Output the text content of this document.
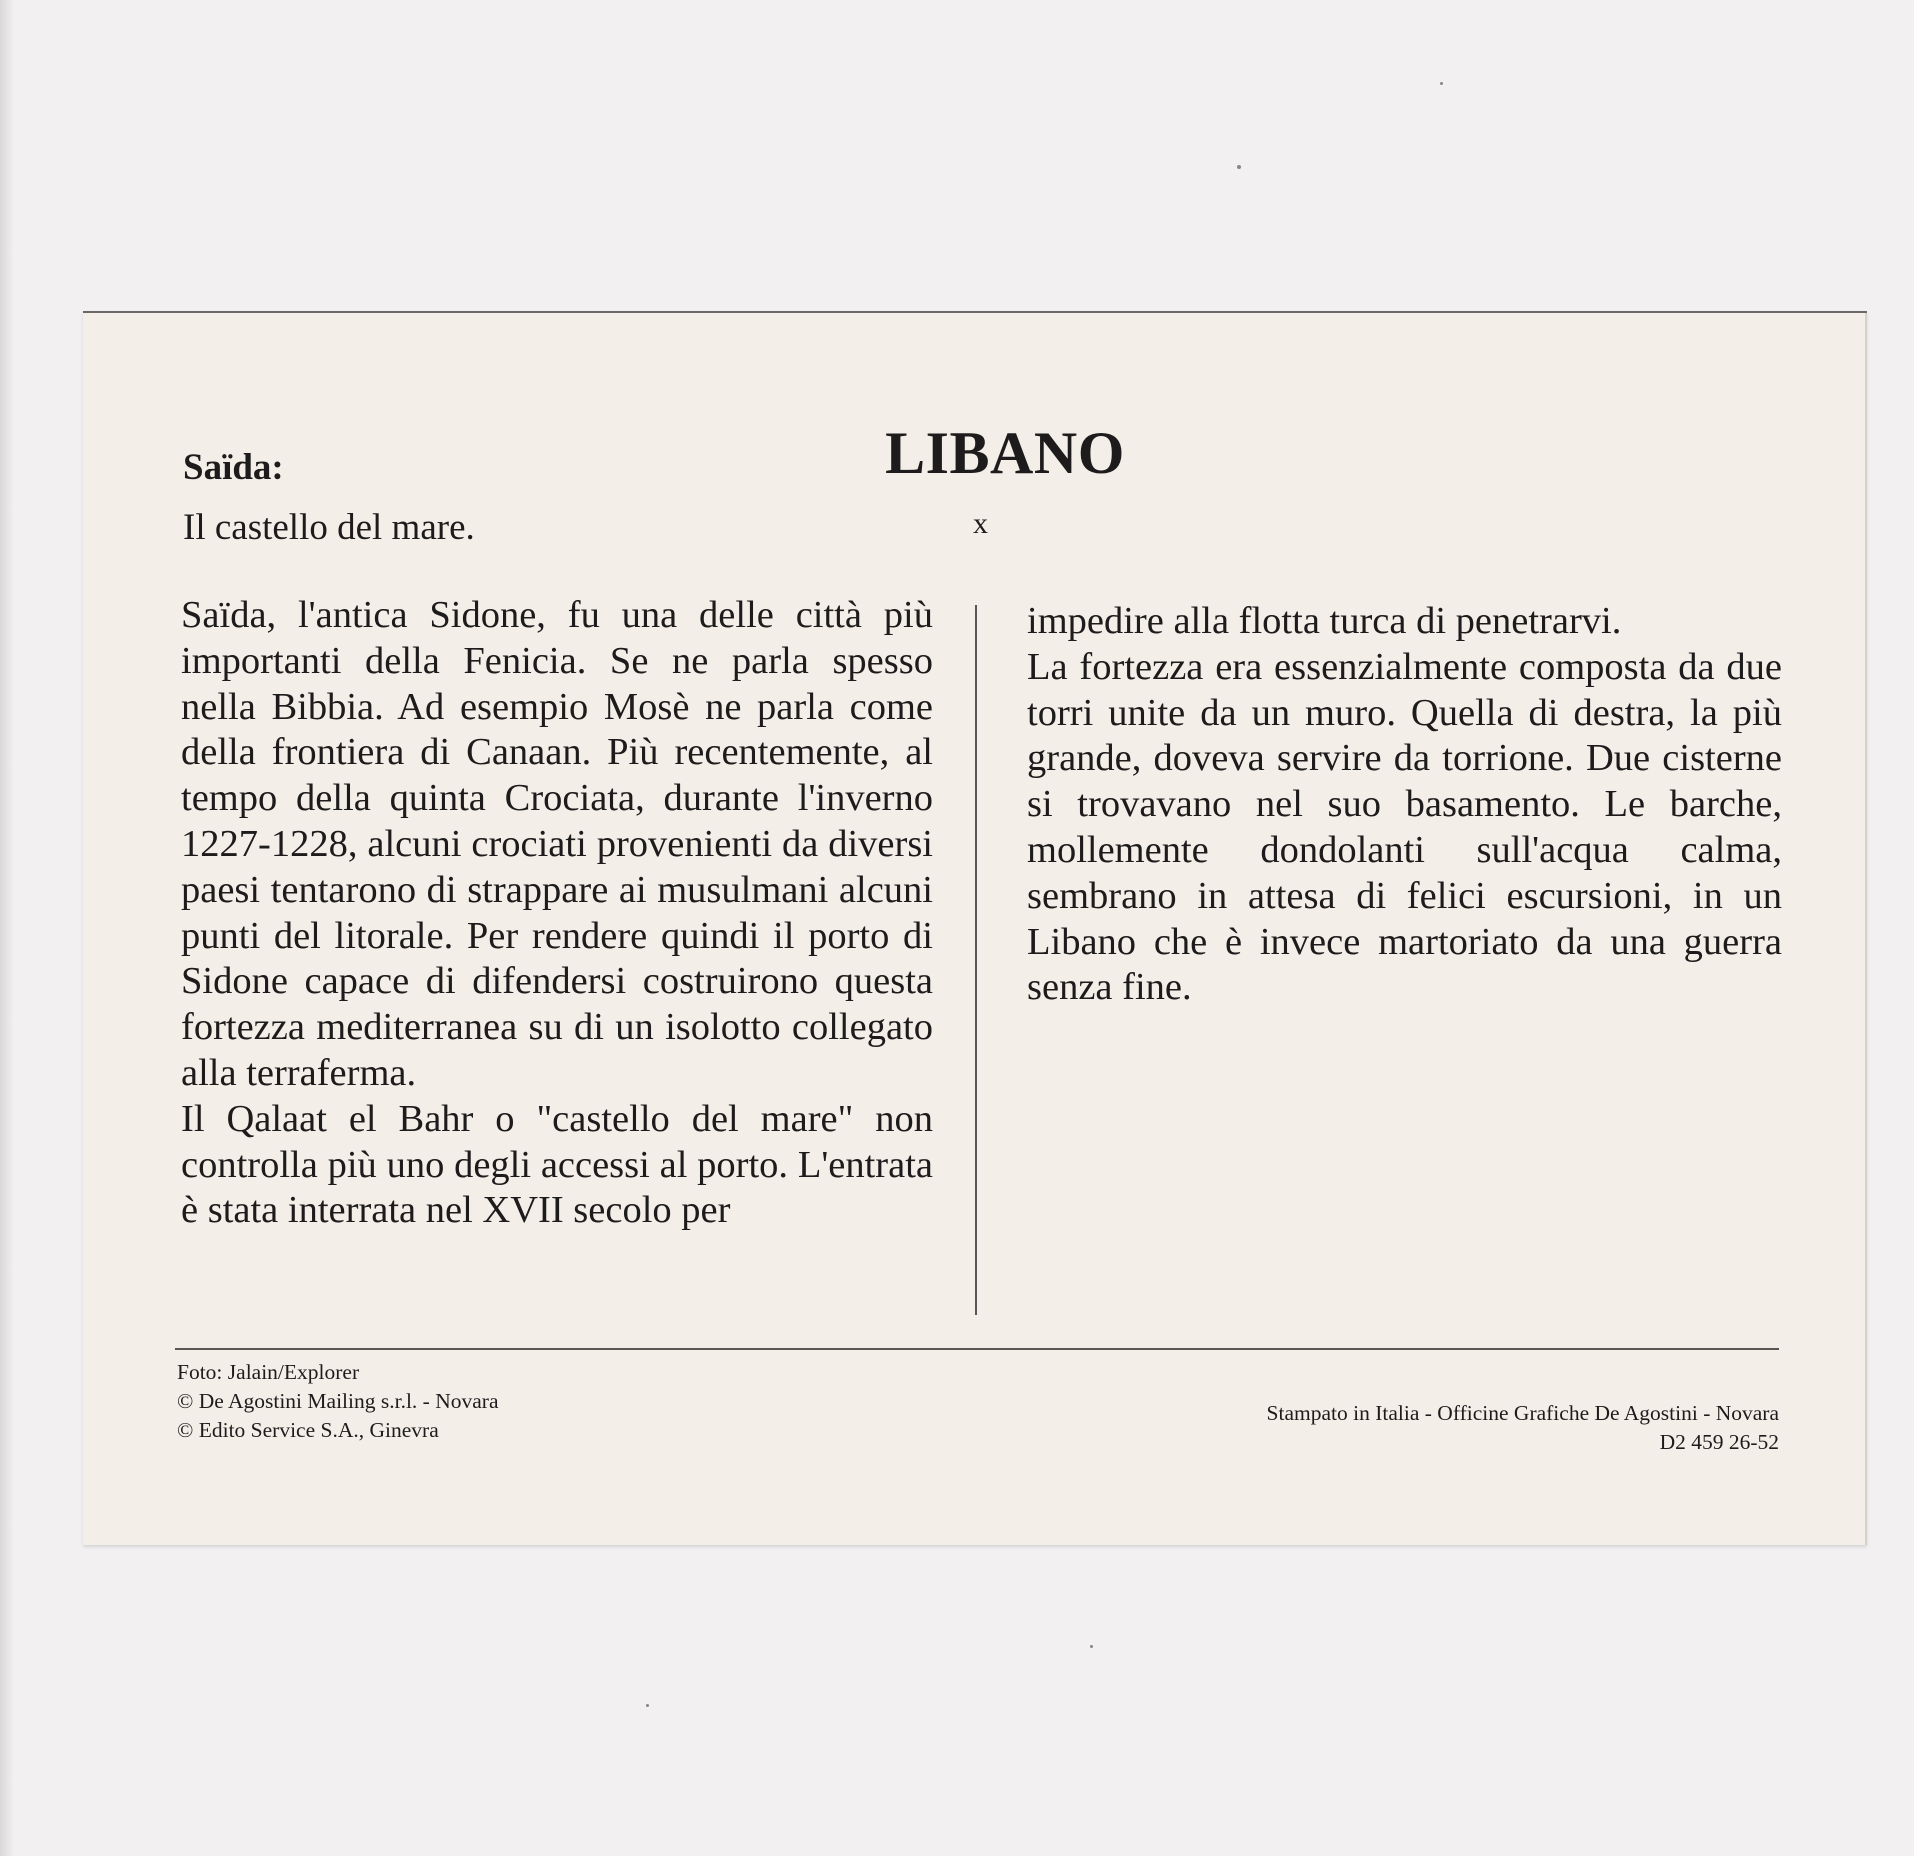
LIBANO
x
Saïda:
Il castello del mare.

Saïda, l'antica Sidone, fu una delle città più importanti della Fenicia. Se ne parla spesso nella Bibbia. Ad esempio Mosè ne parla come della frontiera di Canaan. Più recentemente, al tempo della quinta Crociata, durante l'inverno 1227-1228, alcuni crociati provenienti da diversi paesi tentarono di strappare ai musulmani alcuni punti del litorale. Per rendere quindi il porto di Sidone capace di difendersi costruirono questa fortezza mediterranea su di un isolotto collegato alla terraferma.

Il Qalaat el Bahr o "castello del mare" non controlla più uno degli accessi al porto. L'entrata è stata interrata nel XVII secolo per

impedire alla flotta turca di penetrarvi.

La fortezza era essenzialmente composta da due torri unite da un muro. Quella di destra, la più grande, doveva servire da torrione. Due cisterne si trovavano nel suo basamento. Le barche, mollemente dondolanti sull'acqua calma, sembrano in attesa di felici escursioni, in un Libano che è invece martoriato da una guerra senza fine.

Foto: Jalain/Explorer
© De Agostini Mailing s.r.l. - Novara
© Edito Service S.A., Ginevra
Stampato in Italia - Officine Grafiche De Agostini - Novara
D2 459 26-52
